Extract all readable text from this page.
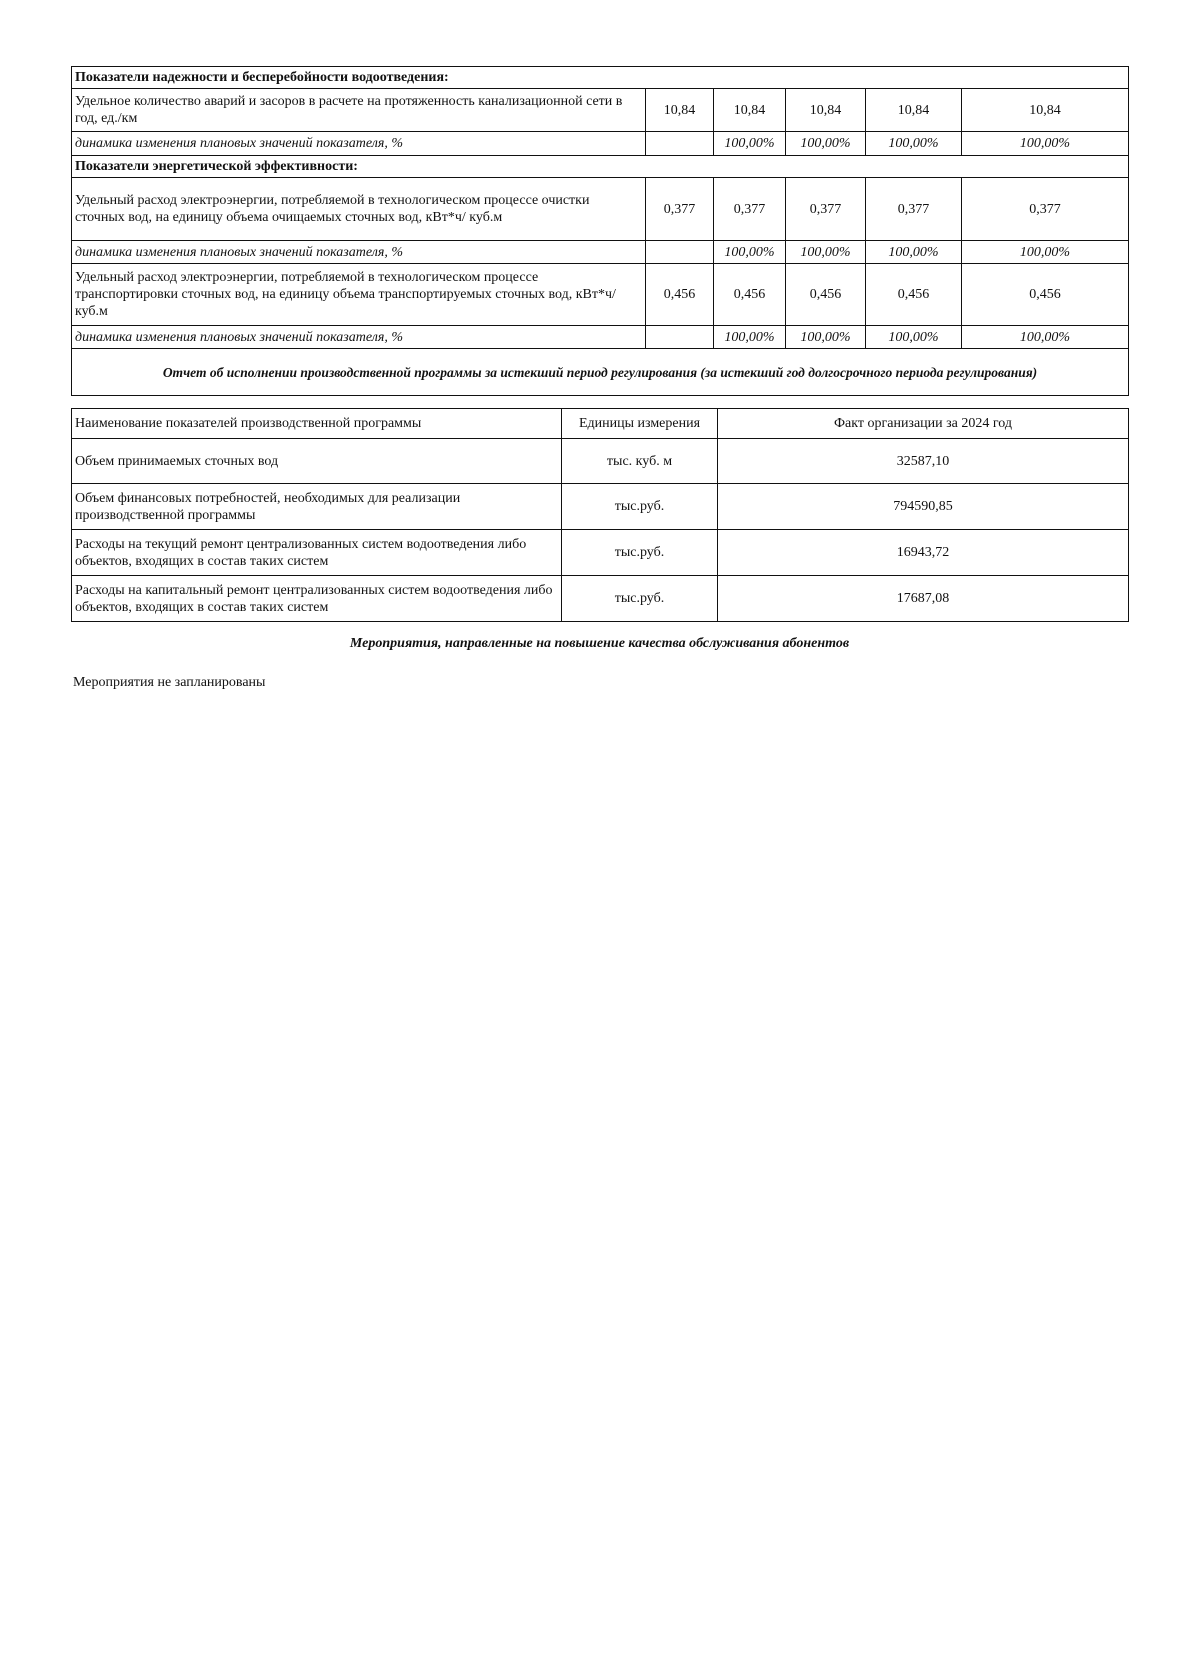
Показатели надежности и бесперебойности водоотведения:					
Удельное количество аварий и засоров в расчете на протяженность канализационной сети в год, ед./км	10,84	10,84	10,84	10,84	10,84
динамика изменения плановых значений показателя, %		100,00%	100,00%	100,00%	100,00%
Показатели энергетической эффективности:					
Удельный расход электроэнергии, потребляемой в технологическом процессе очистки сточных вод, на единицу объема очищаемых сточных вод, кВт*ч/ куб.м	0,377	0,377	0,377	0,377	0,377
динамика изменения плановых значений показателя, %		100,00%	100,00%	100,00%	100,00%
Удельный расход электроэнергии, потребляемой в технологическом процессе транспортировки сточных вод, на единицу объема транспортируемых сточных вод, кВт*ч/ куб.м	0,456	0,456	0,456	0,456	0,456
динамика изменения плановых значений показателя, %		100,00%	100,00%	100,00%	100,00%
Отчет об исполнении производственной программы за истекший период регулирования (за истекший год долгосрочного периода регулирования)					
Наименование показателей производственной программы	Единицы измерения	Факт организации за 2024 год
Объем принимаемых сточных вод	тыс. куб. м	32587,10
Объем финансовых потребностей, необходимых для реализации производственной программы	тыс.руб.	794590,85
Расходы на текущий ремонт централизованных систем водоотведения либо объектов, входящих в состав таких систем	тыс.руб.	16943,72
Расходы на капитальный ремонт централизованных систем водоотведения либо объектов, входящих в состав таких систем	тыс.руб.	17687,08
Мероприятия, направленные на повышение качества обслуживания абонентов
Мероприятия не запланированы
